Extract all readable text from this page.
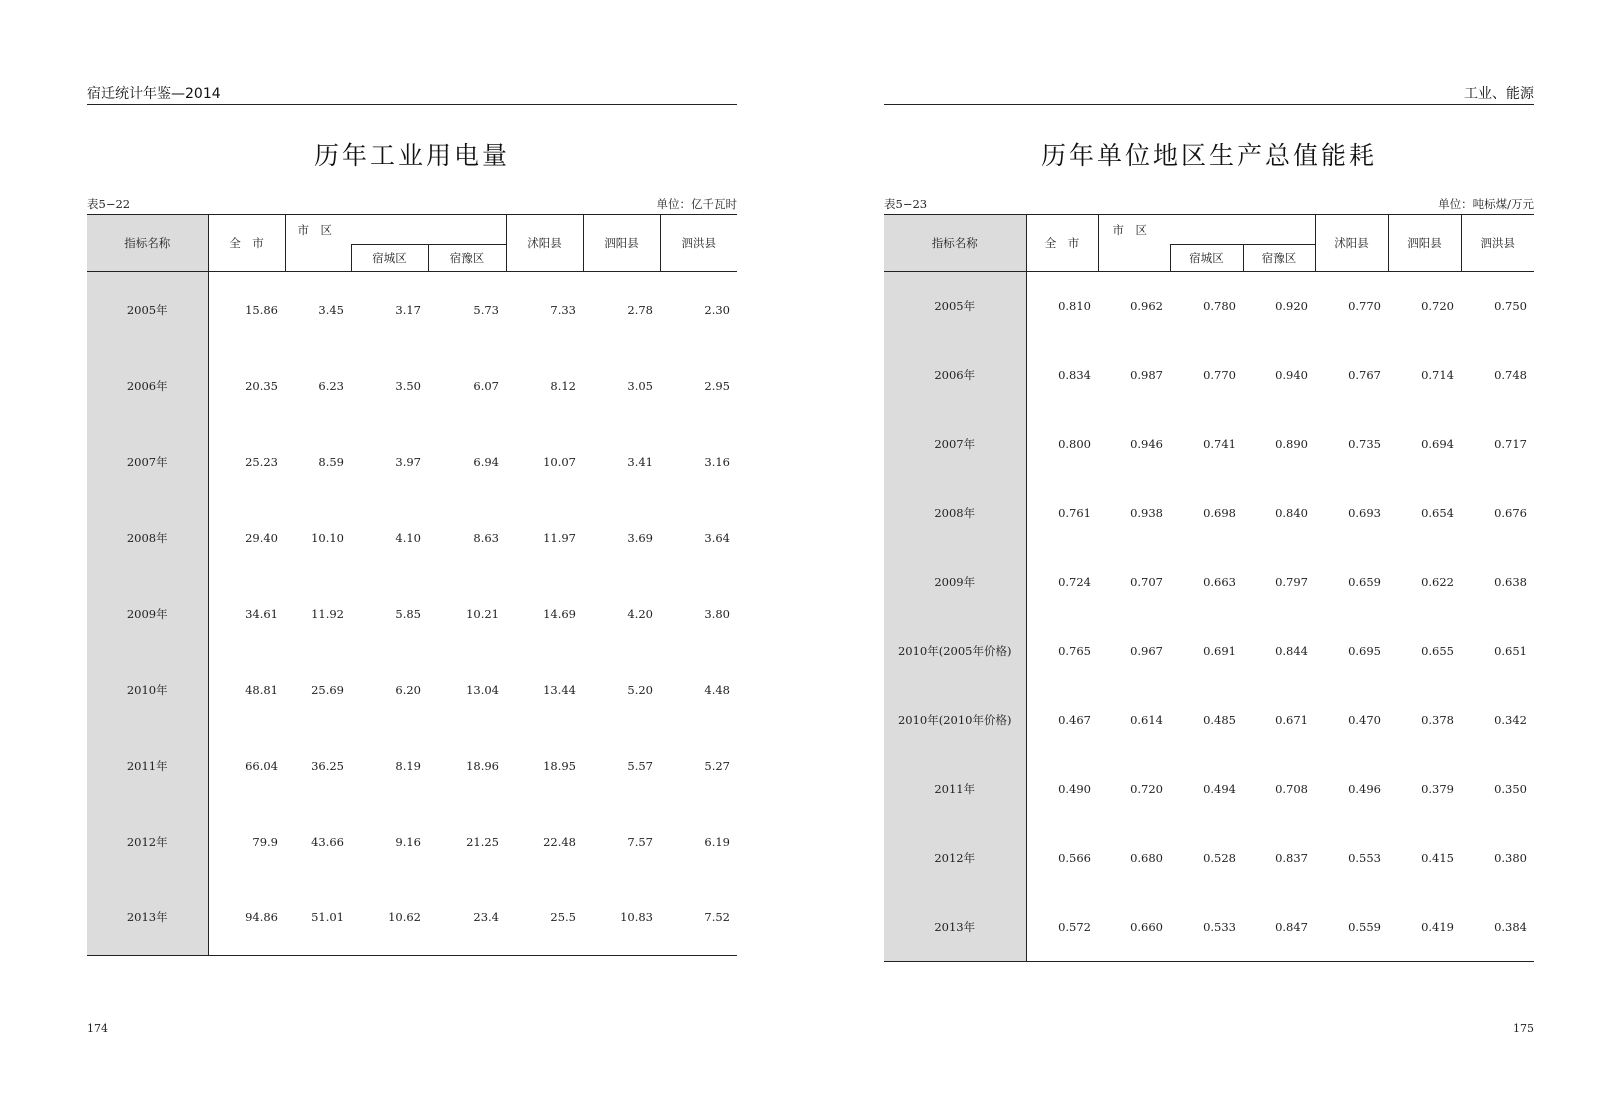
宿迁统计年鉴—2014
历年工业用电量
表5−22	单位：亿千瓦时
指标名称	全　市	市　区			沭阳县	泗阳县	泗洪县
			宿城区	宿豫区			
2005年	15.86	3.45	3.17	5.73	7.33	2.78	2.30
2006年	20.35	6.23	3.50	6.07	8.12	3.05	2.95
2007年	25.23	8.59	3.97	6.94	10.07	3.41	3.16
2008年	29.40	10.10	4.10	8.63	11.97	3.69	3.64
2009年	34.61	11.92	5.85	10.21	14.69	4.20	3.80
2010年	48.81	25.69	6.20	13.04	13.44	5.20	4.48
2011年	66.04	36.25	8.19	18.96	18.95	5.57	5.27
2012年	79.9	43.66	9.16	21.25	22.48	7.57	6.19
2013年	94.86	51.01	10.62	23.4	25.5	10.83	7.52
174
工业、能源
历年单位地区生产总值能耗
表5−23	单位：吨标煤/万元
指标名称	全　市	市　区			沭阳县	泗阳县	泗洪县
			宿城区	宿豫区			
2005年	0.810	0.962	0.780	0.920	0.770	0.720	0.750
2006年	0.834	0.987	0.770	0.940	0.767	0.714	0.748
2007年	0.800	0.946	0.741	0.890	0.735	0.694	0.717
2008年	0.761	0.938	0.698	0.840	0.693	0.654	0.676
2009年	0.724	0.707	0.663	0.797	0.659	0.622	0.638
2010年(2005年价格)	0.765	0.967	0.691	0.844	0.695	0.655	0.651
2010年(2010年价格)	0.467	0.614	0.485	0.671	0.470	0.378	0.342
2011年	0.490	0.720	0.494	0.708	0.496	0.379	0.350
2012年	0.566	0.680	0.528	0.837	0.553	0.415	0.380
2013年	0.572	0.660	0.533	0.847	0.559	0.419	0.384
175
